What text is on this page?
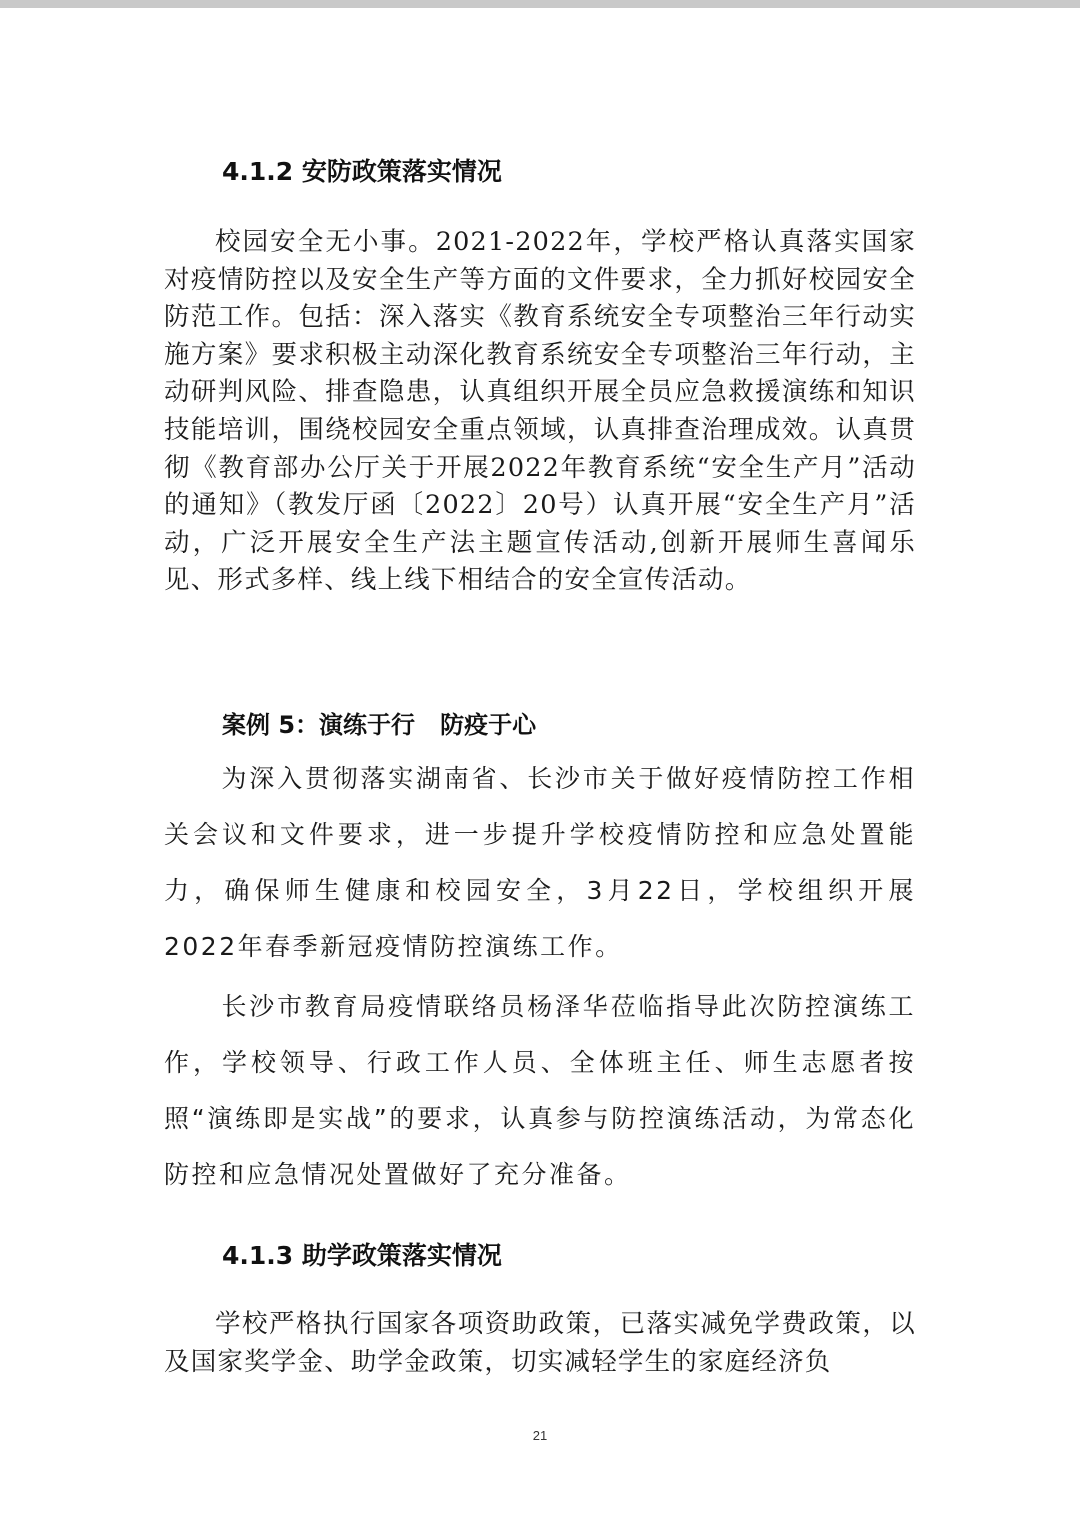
4.1.2 安防政策落实情况
校园安全无小事。2021-2022年，学校严格认真落实国家对疫情防控以及安全生产等方面的文件要求，全力抓好校园安全防范工作。包括：深入落实《教育系统安全专项整治三年行动实施方案》要求积极主动深化教育系统安全专项整治三年行动，主动研判风险、排查隐患，认真组织开展全员应急救援演练和知识技能培训，围绕校园安全重点领域，认真排查治理成效。认真贯彻《教育部办公厅关于开展2022年教育系统“安全生产月”活动的通知》（教发厅函〔2022〕20号）认真开展“安全生产月”活动，广泛开展安全生产法主题宣传活动,创新开展师生喜闻乐见、形式多样、线上线下相结合的安全宣传活动。
案例 5：演练于行   防疫于心
为深入贯彻落实湖南省、长沙市关于做好疫情防控工作相关会议和文件要求，进一步提升学校疫情防控和应急处置能力，确保师生健康和校园安全，3月22日，学校组织开展2022年春季新冠疫情防控演练工作。
长沙市教育局疫情联络员杨泽华莅临指导此次防控演练工作，学校领导、行政工作人员、全体班主任、师生志愿者按照“演练即是实战”的要求，认真参与防控演练活动，为常态化防控和应急情况处置做好了充分准备。
4.1.3 助学政策落实情况
学校严格执行国家各项资助政策，已落实减免学费政策，以及国家奖学金、助学金政策，切实减轻学生的家庭经济负
21
